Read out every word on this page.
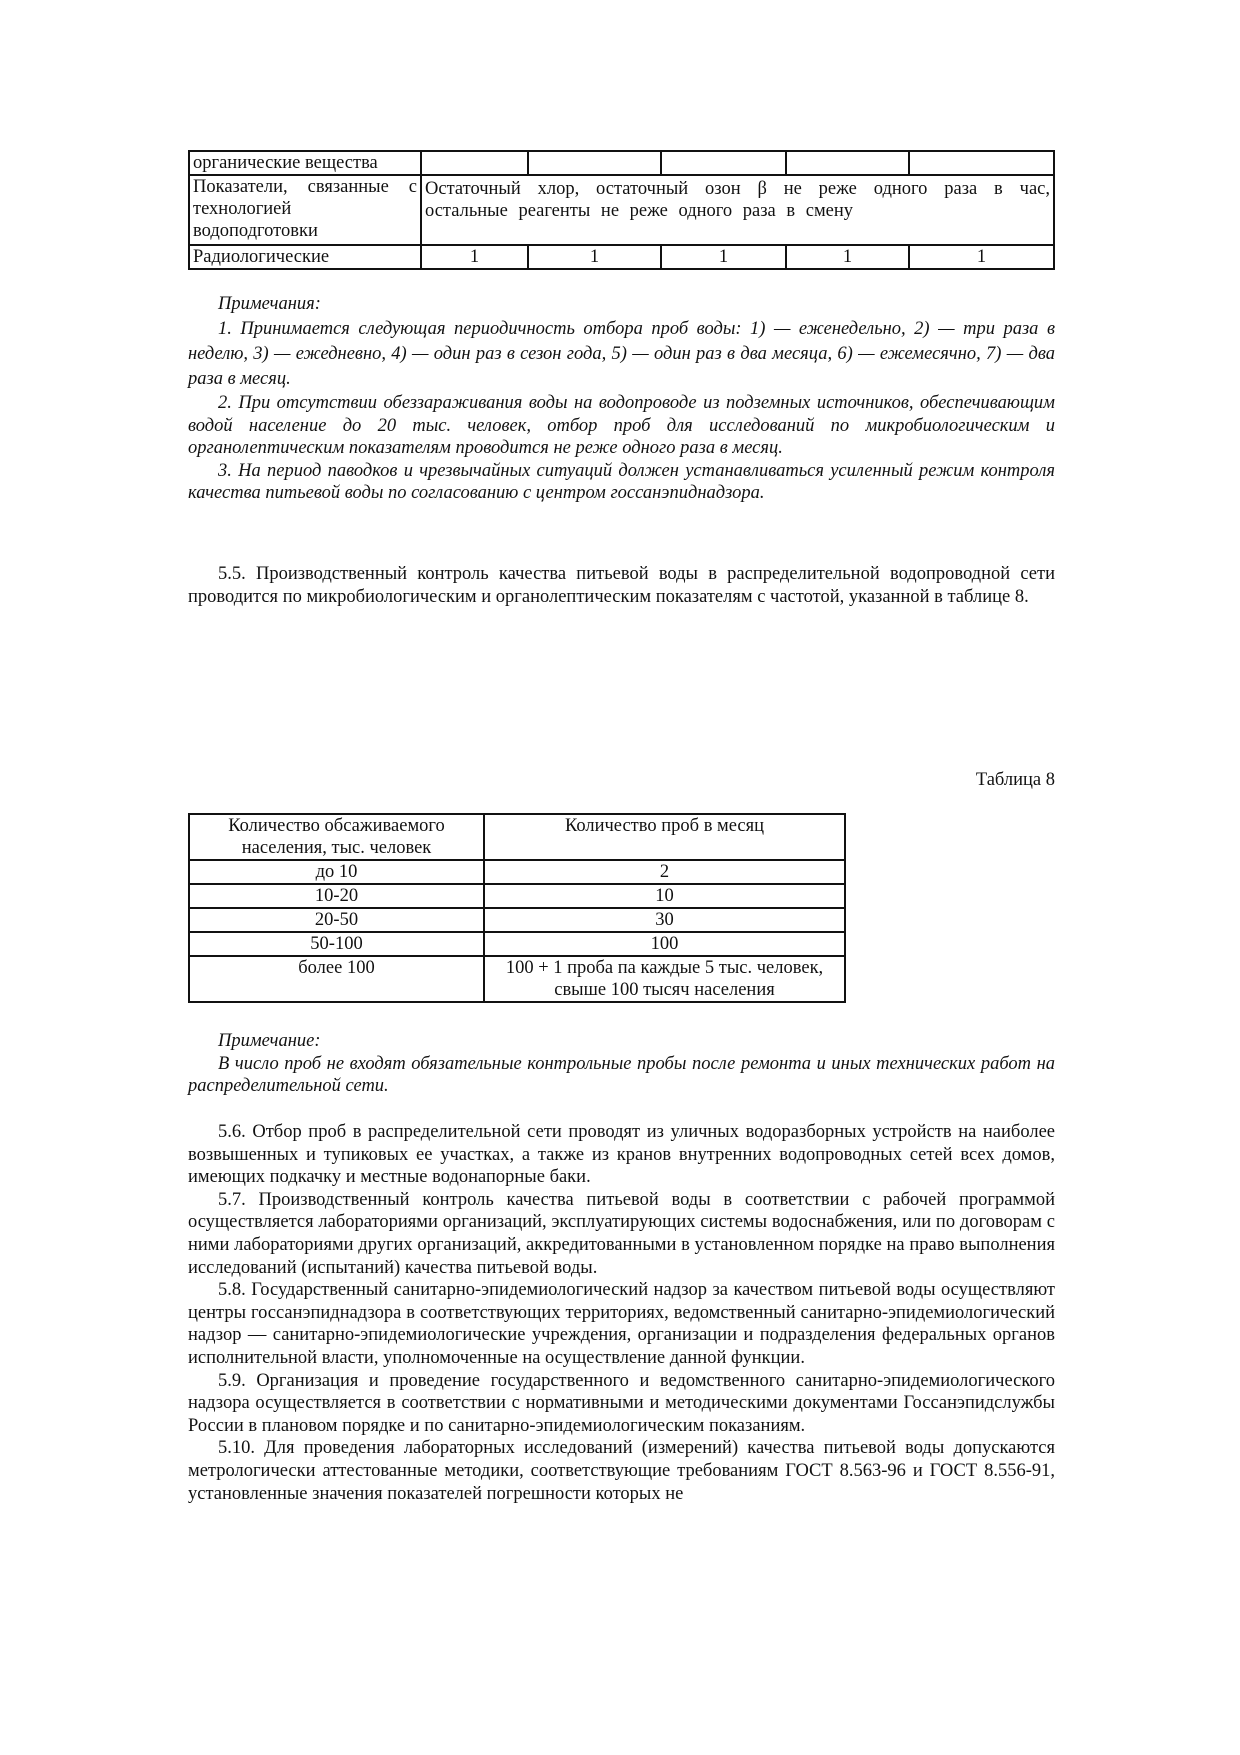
органические вещества					
Показатели, связанные с технологией водоподготовки	Остаточный хлор, остаточный озон β не реже одного раза в час, остальные реагенты не реже одного раза в смену				
Радиологические	1	1	1	1	1

Примечания:

1. Принимается следующая периодичность отбора проб воды: 1) — еженедельно, 2) — три раза в неделю, 3) — ежедневно, 4) — один раз в сезон года, 5) — один раз в два месяца, 6) — ежемесячно, 7) — два раза в месяц.

2. При отсутствии обеззараживания воды на водопроводе из подземных источников, обеспечивающим водой население до 20 тыс. человек, отбор проб для исследований по микробиологическим и органолептическим показателям проводится не реже одного раза в месяц.

3. На период паводков и чрезвычайных ситуаций должен устанавливаться усиленный режим контроля качества питьевой воды по согласованию с центром госсанэпиднадзора.

5.5. Производственный контроль качества питьевой воды в распределительной водопроводной сети проводится по микробиологическим и органолептическим показателям с частотой, указанной в таблице 8.

Таблица 8
Количество обсаживаемого населения, тыс. человек	Количество проб в месяц
до 10	2
10-20	10
20-50	30
50-100	100
более 100	100 + 1 проба па каждые 5 тыс. человек, свыше 100 тысяч населения

Примечание:

В число проб не входят обязательные контрольные пробы после ремонта и иных технических работ на распределительной сети.

5.6. Отбор проб в распределительной сети проводят из уличных водоразборных устройств на наиболее возвышенных и тупиковых ее участках, а также из кранов внутренних водопроводных сетей всех домов, имеющих подкачку и местные водонапорные баки.

5.7. Производственный контроль качества питьевой воды в соответствии с рабочей программой осуществляется лабораториями организаций, эксплуатирующих системы водоснабжения, или по договорам с ними лабораториями других организаций, аккредитованными в установленном порядке на право выполнения исследований (испытаний) качества питьевой воды.

5.8. Государственный санитарно-эпидемиологический надзор за качеством питьевой воды осуществляют центры госсанэпиднадзора в соответствующих территориях, ведомственный санитарно-эпидемиологический надзор — санитарно-эпидемиологические учреждения, организации и подразделения федеральных органов исполнительной власти, уполномоченные на осуществление данной функции.

5.9. Организация и проведение государственного и ведомственного санитарно-эпидемиологического надзора осуществляется в соответствии с нормативными и методическими документами Госсанэпидслужбы России в плановом порядке и по санитарно-эпидемиологическим показаниям.

5.10. Для проведения лабораторных исследований (измерений) качества питьевой воды допускаются метрологически аттестованные методики, соответствующие требованиям ГОСТ 8.563-96 и ГОСТ 8.556-91, установленные значения показателей погрешности которых не
